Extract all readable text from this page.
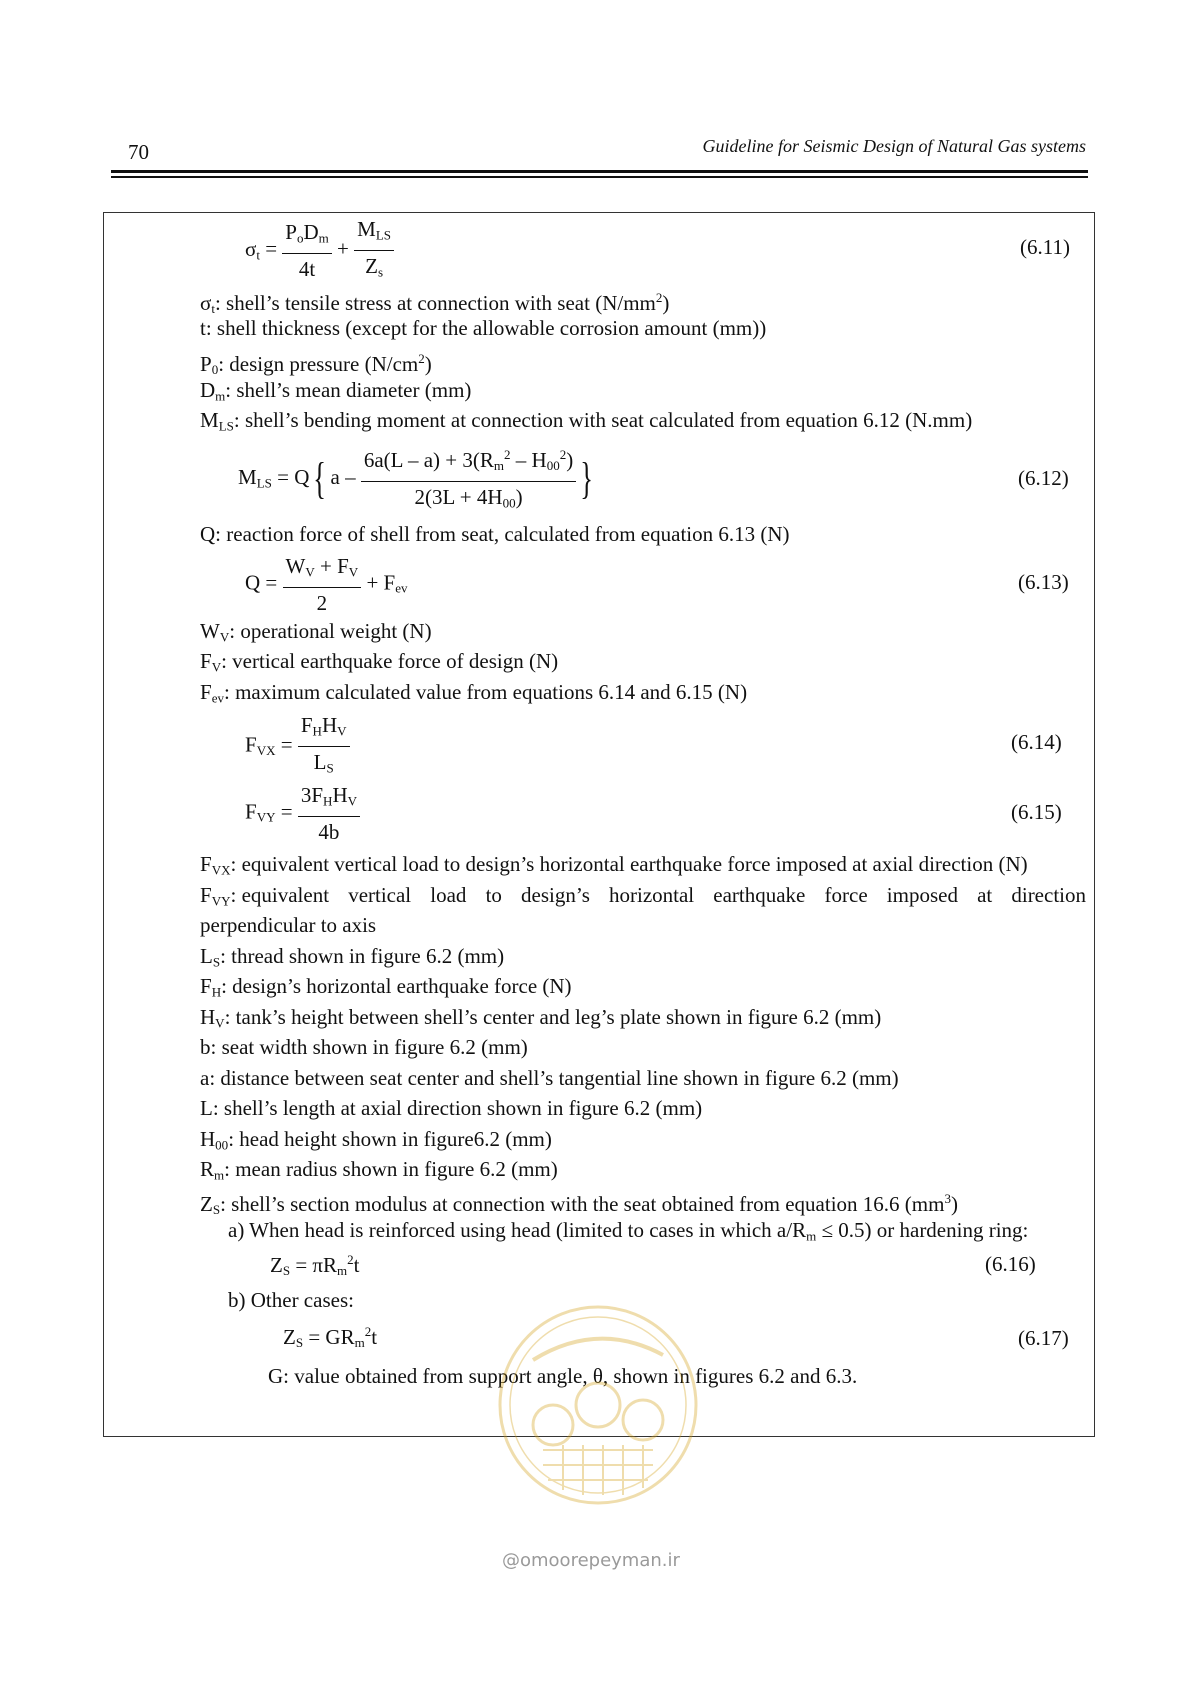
70	Guideline for Seismic Design of Natural Gas systems
$\sigma_t = \frac{P_oD_m}{4t} + \frac{M_{LS}}{Z_s}$	(6.11)
$\sigma_t$: shell’s tensile stress at connection with seat $(N/mm^2)$
t: shell thickness (except for the allowable corrosion amount (mm))
$P_0$: design pressure $(N/cm^2)$
$D_m$: shell’s mean diameter (mm)
$M_{LS}$: shell’s bending moment at connection with seat calculated from equation 6.12 (N.mm)
$M_{LS} = Q${ a – $\frac{6a(L - a) + 3(R_m^2 - H_{00}^2)}{2(3L + 4H_{00})}$ }	(6.12)
Q: reaction force of shell from seat, calculated from equation 6.13 (N)
$Q = \frac{W_V + F_V}{2} + F_{ev}$	(6.13)
$W_V$: operational weight (N)
$F_V$: vertical earthquake force of design (N)
$F_{ev}$: maximum calculated value from equations 6.14 and 6.15 (N)
$F_{VX} = \frac{F_HH_V}{L_S}$	(6.14)
$F_{VY} = \frac{3F_HH_V}{4b}$	(6.15)
$F_{VX}$: equivalent vertical load to design’s horizontal earthquake force imposed at axial direction (N)
$F_{VY}$: equivalent vertical load to design’s horizontal earthquake force imposed at direction
perpendicular to axis
$L_S$: thread shown in figure 6.2 (mm)
$F_H$: design’s horizontal earthquake force (N)
$H_V$: tank’s height between shell’s center and leg’s plate shown in figure 6.2 (mm)
b: seat width shown in figure 6.2 (mm)
a: distance between seat center and shell’s tangential line shown in figure 6.2 (mm)
L: shell’s length at axial direction shown in figure 6.2 (mm)
$H_{00}$: head height shown in figure6.2 (mm)
$R_m$: mean radius shown in figure 6.2 (mm)
$Z_S$: shell’s section modulus at connection with the seat obtained from equation 16.6 $(mm^3)$
a) When head is reinforced using head (limited to cases in which $a/R_m \le 0.5$) or hardening ring:
$Z_S = \pi R_m^2t$	(6.16)
b) Other cases:
$Z_S = GR_m^2t$	(6.17)
G: value obtained from support angle, θ, shown in figures 6.2 and 6.3.
@omoorepeyman.ir
